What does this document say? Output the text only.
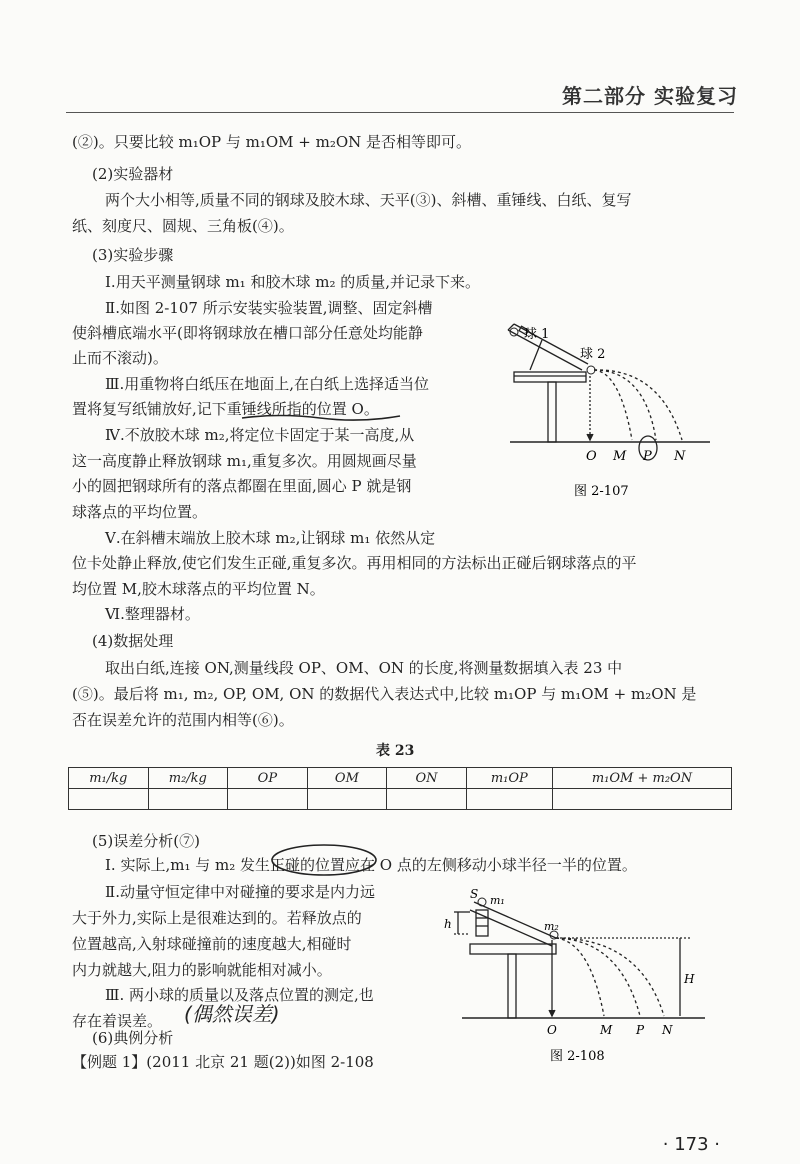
第二部分 实验复习
(②)。只要比较 m₁OP 与 m₁OM + m₂ON 是否相等即可。
(2)实验器材
两个大小相等,质量不同的钢球及胶木球、天平(③)、斜槽、重锤线、白纸、复写
纸、刻度尺、圆规、三角板(④)。
(3)实验步骤
Ⅰ.用天平测量钢球 m₁ 和胶木球 m₂ 的质量,并记录下来。
Ⅱ.如图 2-107 所示安装实验装置,调整、固定斜槽
使斜槽底端水平(即将钢球放在槽口部分任意处均能静
止而不滚动)。
Ⅲ.用重物将白纸压在地面上,在白纸上选择适当位
置将复写纸铺放好,记下重锤线所指的位置 O。
Ⅳ.不放胶木球 m₂,将定位卡固定于某一高度,从
这一高度静止释放钢球 m₁,重复多次。用圆规画尽量
小的圆把钢球所有的落点都圈在里面,圆心 P 就是钢
球落点的平均位置。
Ⅴ.在斜槽末端放上胶木球 m₂,让钢球 m₁ 依然从定
位卡处静止释放,使它们发生正碰,重复多次。再用相同的方法标出正碰后钢球落点的平
均位置 M,胶木球落点的平均位置 N。
Ⅵ.整理器材。
(4)数据处理
取出白纸,连接 ON,测量线段 OP、OM、ON 的长度,将测量数据填入表 23 中
(⑤)。最后将 m₁, m₂, OP, OM, ON 的数据代入表达式中,比较 m₁OP 与 m₁OM + m₂ON 是
否在误差允许的范围内相等(⑥)。
球 1
球 2
O M P N
图 2-107
表 23
m₁/kg	m₂/kg	OP	OM	ON	m₁OP	m₁OM + m₂ON

(5)误差分析(⑦)
Ⅰ. 实际上,m₁ 与 m₂ 发生正碰的位置应在 O 点的左侧移动小球半径一半的位置。
Ⅱ.动量守恒定律中对碰撞的要求是内力远
大于外力,实际上是很难达到的。若释放点的
位置越高,入射球碰撞前的速度越大,相碰时
内力就越大,阻力的影响就能相对减小。
Ⅲ. 两小球的质量以及落点位置的测定,也
存在着误差。 (偶然误差)
(6)典例分析
【例题 1】(2011 北京 21 题(2))如图 2-108
S m₁
m₂
h
H
O	M P N
图 2-108
· 173 ·
